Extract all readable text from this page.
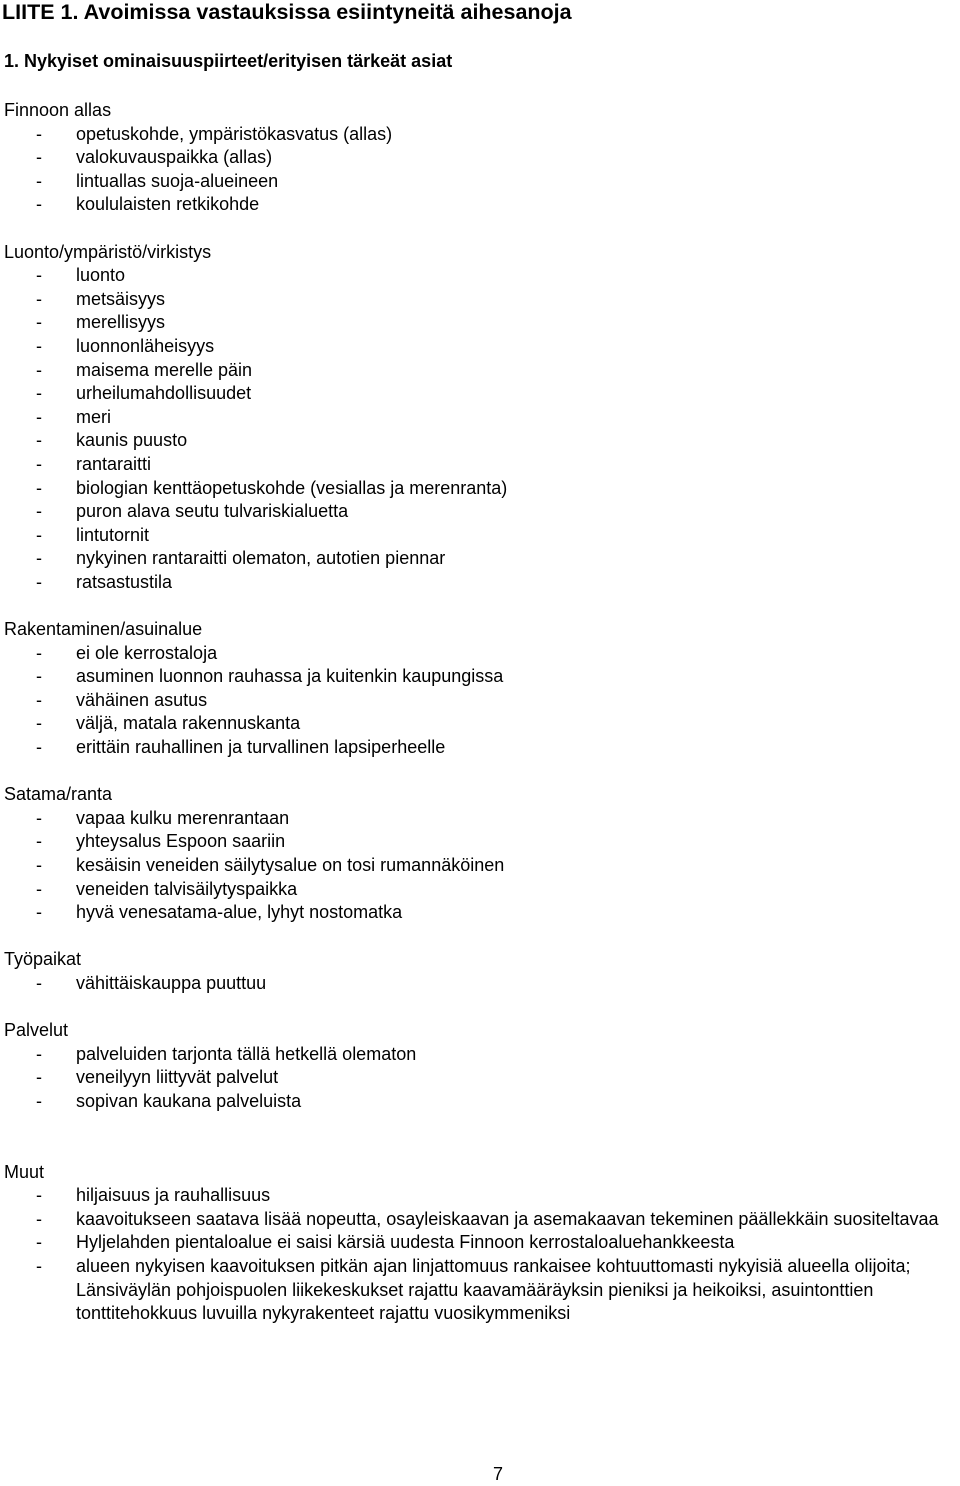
LIITE 1. Avoimissa vastauksissa esiintyneitä aihesanoja
1. Nykyiset ominaisuuspiirteet/erityisen tärkeät asiat
Finnoon allas
- opetuskohde, ympäristökasvatus (allas)
- valokuvauspaikka (allas)
- lintuallas suoja-alueineen
- koululaisten retkikohde
Luonto/ympäristö/virkistys
- luonto
- metsäisyys
- merellisyys
- luonnonläheisyys
- maisema merelle päin
- urheilumahdollisuudet
- meri
- kaunis puusto
- rantaraitti
- biologian kenttäopetuskohde (vesiallas ja merenranta)
- puron alava seutu tulvariskialuetta
- lintutornit
- nykyinen rantaraitti olematon, autotien piennar
- ratsastustila
Rakentaminen/asuinalue
- ei ole kerrostaloja
- asuminen luonnon rauhassa ja kuitenkin kaupungissa
- vähäinen asutus
- väljä, matala rakennuskanta
- erittäin rauhallinen ja turvallinen lapsiperheelle
Satama/ranta
- vapaa kulku merenrantaan
- yhteysalus Espoon saariin
- kesäisin veneiden säilytysalue on tosi rumannäköinen
- veneiden talvisäilytyspaikka
- hyvä venesatama-alue, lyhyt nostomatka
Työpaikat
- vähittäiskauppa puuttuu
Palvelut
- palveluiden tarjonta tällä hetkellä olematon
- veneilyyn liittyvät palvelut
- sopivan kaukana palveluista
Muut
- hiljaisuus ja rauhallisuus
- kaavoitukseen saatava lisää nopeutta, osayleiskaavan ja asemakaavan tekeminen päällekkäin suositeltavaa
- Hyljelahden pientaloalue ei saisi kärsiä uudesta Finnoon kerrostaloaluehankkeesta
- alueen nykyisen kaavoituksen pitkän ajan linjattomuus rankaisee kohtuuttomasti nykyisiä alueella olijoita; Länsiväylän pohjoispuolen liikekeskukset rajattu kaavamääräyksin pieniksi ja heikoiksi, asuintonttien tonttitehokkuus luvuilla nykyrakenteet rajattu vuosikymmeniksi
7
